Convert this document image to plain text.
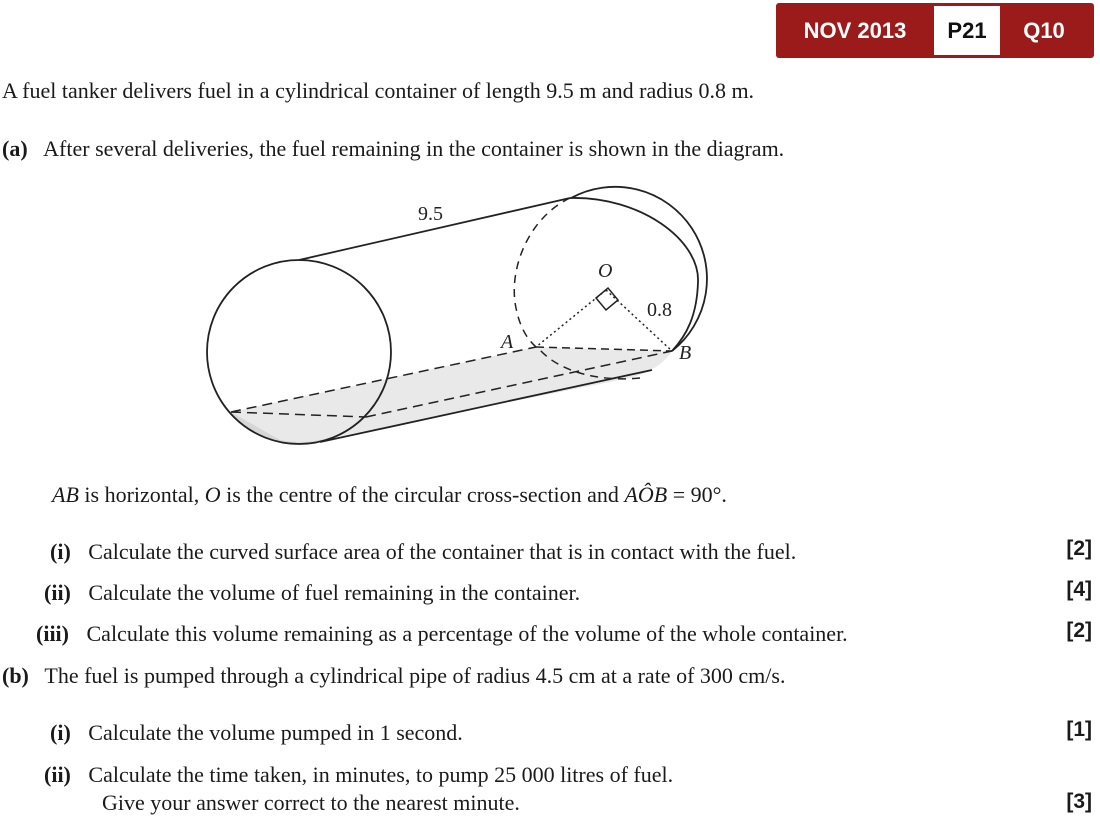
NOV 2013	P21	Q10
A fuel tanker delivers fuel in a cylindrical container of length 9.5 m and radius 0.8 m.
(a) After several deliveries, the fuel remaining in the container is shown in the diagram.
9.5
0.8
O
A	B
AB is horizontal, O is the centre of the circular cross-section and AÔB = 90°.
(i) Calculate the curved surface area of the container that is in contact with the fuel.	[2]
(ii) Calculate the volume of fuel remaining in the container.	[4]
(iii) Calculate this volume remaining as a percentage of the volume of the whole container.	[2]
(b) The fuel is pumped through a cylindrical pipe of radius 4.5 cm at a rate of 300 cm/s.
(i) Calculate the volume pumped in 1 second.	[1]
(ii) Calculate the time taken, in minutes, to pump 25 000 litres of fuel.
Give your answer correct to the nearest minute.	[3]
